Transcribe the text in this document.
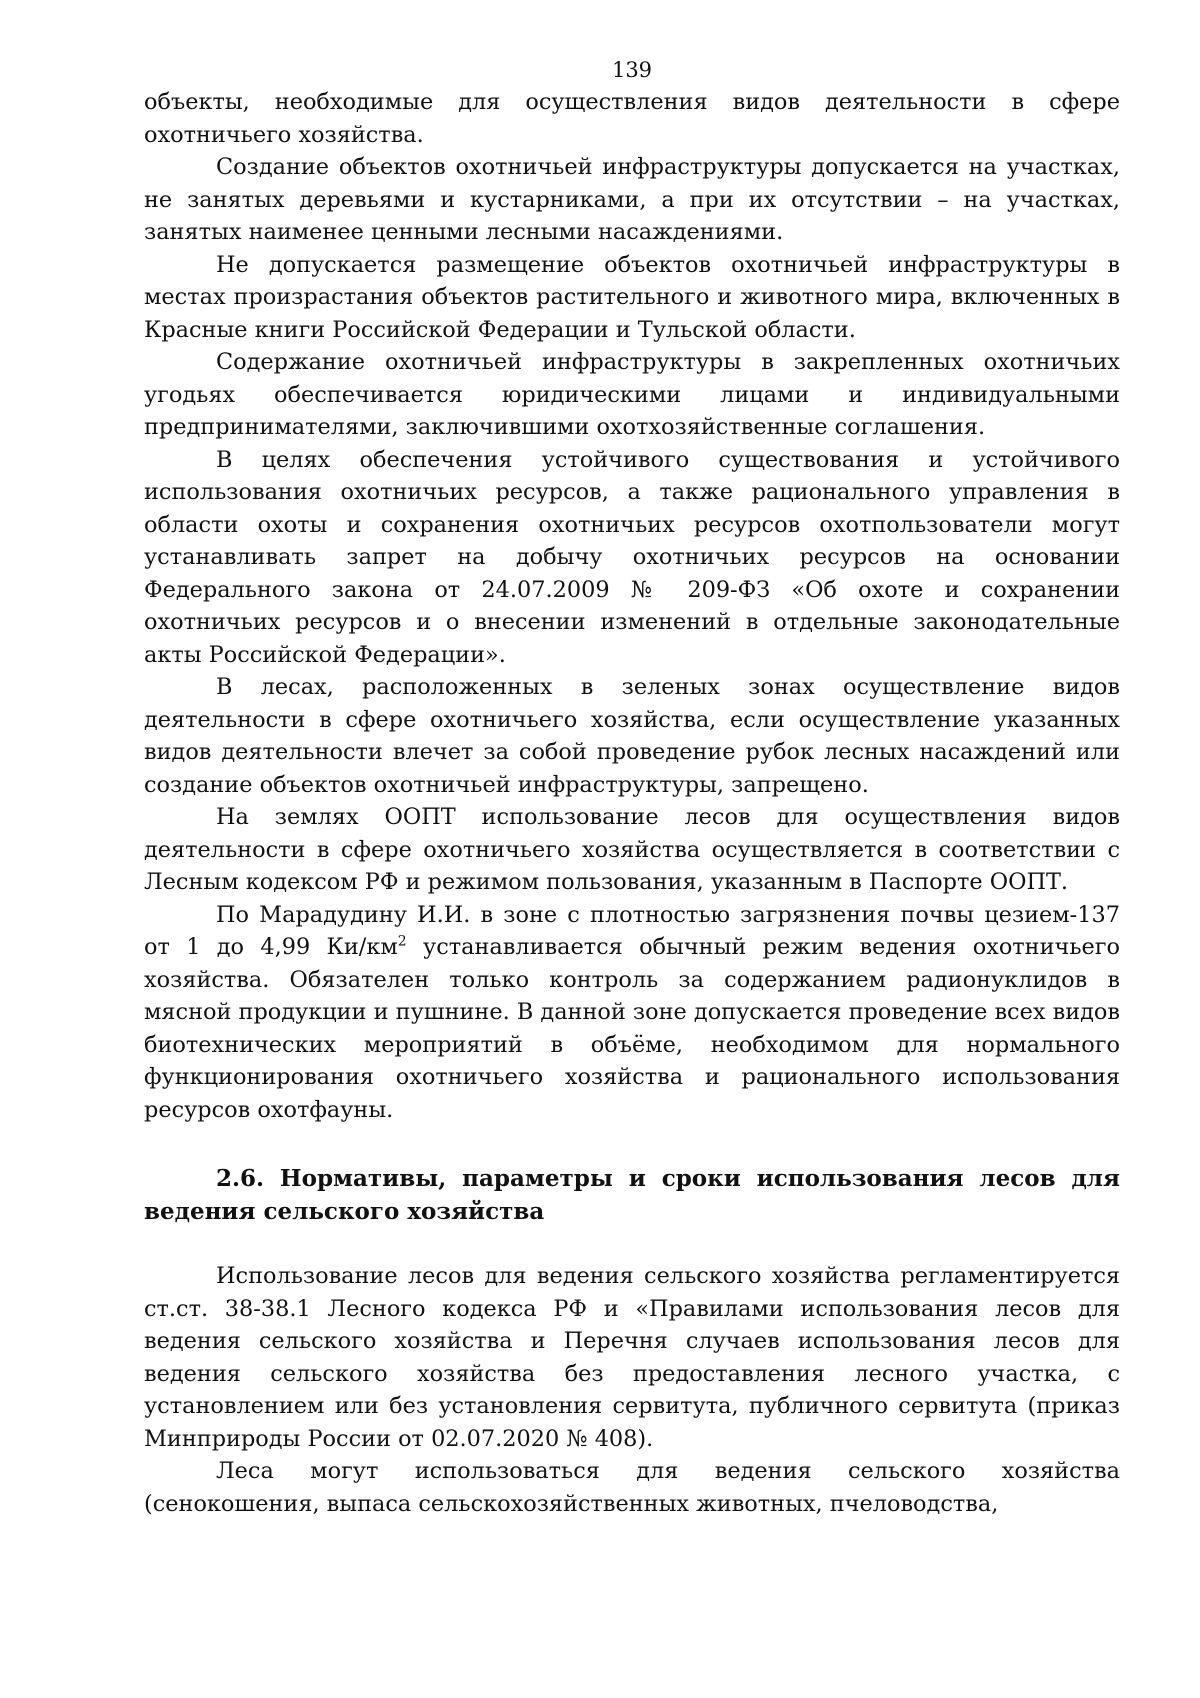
139

объекты, необходимые для осуществления видов деятельности в сфере охотничьего хозяйства.

Создание объектов охотничьей инфраструктуры допускается на участках, не занятых деревьями и кустарниками, а при их отсутствии – на участках, занятых наименее ценными лесными насаждениями.

Не допускается размещение объектов охотничьей инфраструктуры в местах произрастания объектов растительного и животного мира, включенных в Красные книги Российской Федерации и Тульской области.

Содержание охотничьей инфраструктуры в закрепленных охотничьих угодьях обеспечивается юридическими лицами и индивидуальными предпринимателями, заключившими охотхозяйственные соглашения.

В целях обеспечения устойчивого существования и устойчивого использования охотничьих ресурсов, а также рационального управления в области охоты и сохранения охотничьих ресурсов охотпользователи могут устанавливать запрет на добычу охотничьих ресурсов на основании Федерального закона от 24.07.2009 № 209-ФЗ «Об охоте и сохранении охотничьих ресурсов и о внесении изменений в отдельные законодательные акты Российской Федерации».

В лесах, расположенных в зеленых зонах осуществление видов деятельности в сфере охотничьего хозяйства, если осуществление указанных видов деятельности влечет за собой проведение рубок лесных насаждений или создание объектов охотничьей инфраструктуры, запрещено.

На землях ООПТ использование лесов для осуществления видов деятельности в сфере охотничьего хозяйства осуществляется в соответствии с Лесным кодексом РФ и режимом пользования, указанным в Паспорте ООПТ.

По Марадудину И.И. в зоне с плотностью загрязнения почвы цезием-137 от 1 до 4,99 $Ки/км^2$ устанавливается обычный режим ведения охотничьего хозяйства. Обязателен только контроль за содержанием радионуклидов в мясной продукции и пушнине. В данной зоне допускается проведение всех видов биотехнических мероприятий в объёме, необходимом для нормального функционирования охотничьего хозяйства и рационального использования ресурсов охотфауны.

2.6. Нормативы, параметры и сроки использования лесов для ведения сельского хозяйства

Использование лесов для ведения сельского хозяйства регламентируется ст.ст. 38-38.1 Лесного кодекса РФ и «Правилами использования лесов для ведения сельского хозяйства и Перечня случаев использования лесов для ведения сельского хозяйства без предоставления лесного участка, с установлением или без установления сервитута, публичного сервитута (приказ Минприроды России от 02.07.2020 № 408).

Леса могут использоваться для ведения сельского хозяйства (сенокошения, выпаса сельскохозяйственных животных, пчеловодства,
